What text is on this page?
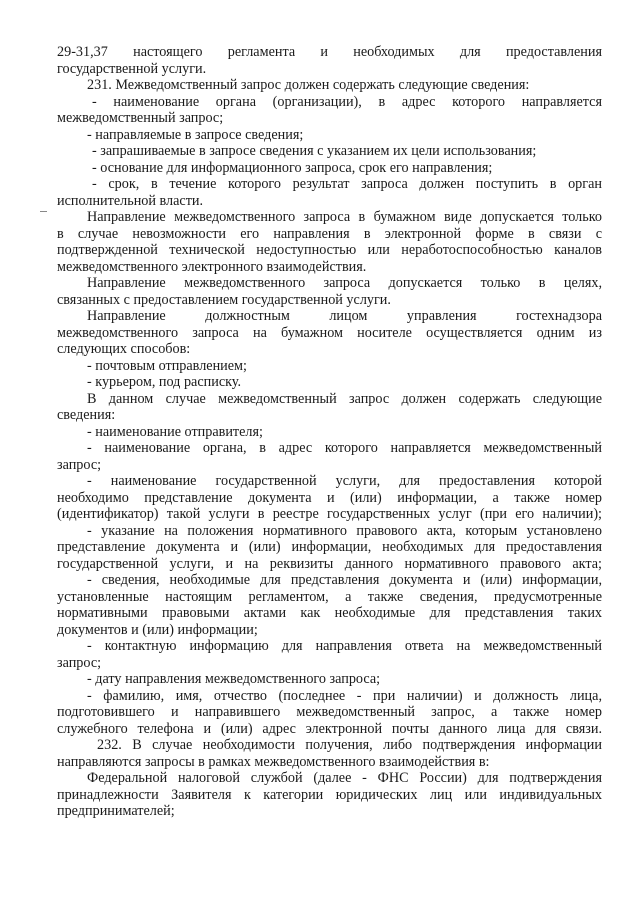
29-31,37 настоящего регламента и необходимых для предоставления
государственной услуги.
231. Межведомственный запрос должен содержать следующие сведения:
- наименование органа (организации), в адрес которого направляется
межведомственный запрос;
- направляемые в запросе сведения;
- запрашиваемые в запросе сведения с указанием их цели использования;
- основание для информационного запроса, срок его направления;
- срок, в течение которого результат запроса должен поступить в орган
исполнительной власти.
Направление межведомственного запроса в бумажном виде допускается только
в случае невозможности его направления в электронной форме в связи с
подтвержденной технической недоступностью или неработоспособностью каналов
межведомственного электронного взаимодействия.
Направление межведомственного запроса допускается только в целях,
связанных с предоставлением государственной услуги.
Направление должностным лицом управления гостехнадзора
межведомственного запроса на бумажном носителе осуществляется одним из
следующих способов:
- почтовым отправлением;
- курьером, под расписку.
В данном случае межведомственный запрос должен содержать следующие
сведения:
- наименование отправителя;
- наименование органа, в адрес которого направляется межведомственный
запрос;
- наименование государственной услуги, для предоставления которой
необходимо представление документа и (или) информации, а также номер
(идентификатор) такой услуги в реестре государственных услуг (при его наличии);
- указание на положения нормативного правового акта, которым установлено
представление документа и (или) информации, необходимых для предоставления
государственной услуги, и на реквизиты данного нормативного правового акта;
- сведения, необходимые для представления документа и (или) информации,
установленные настоящим регламентом, а также сведения, предусмотренные
нормативными правовыми актами как необходимые для представления таких
документов и (или) информации;
- контактную информацию для направления ответа на межведомственный
запрос;
- дату направления межведомственного запроса;
- фамилию, имя, отчество (последнее - при наличии) и должность лица,
подготовившего и направившего межведомственный запрос, а также номер
служебного телефона и (или) адрес электронной почты данного лица для связи.
232. В случае необходимости получения, либо подтверждения информации
направляются запросы в рамках межведомственного взаимодействия в:
Федеральной налоговой службой (далее - ФНС России) для подтверждения
принадлежности Заявителя к категории юридических лиц или индивидуальных
предпринимателей;
